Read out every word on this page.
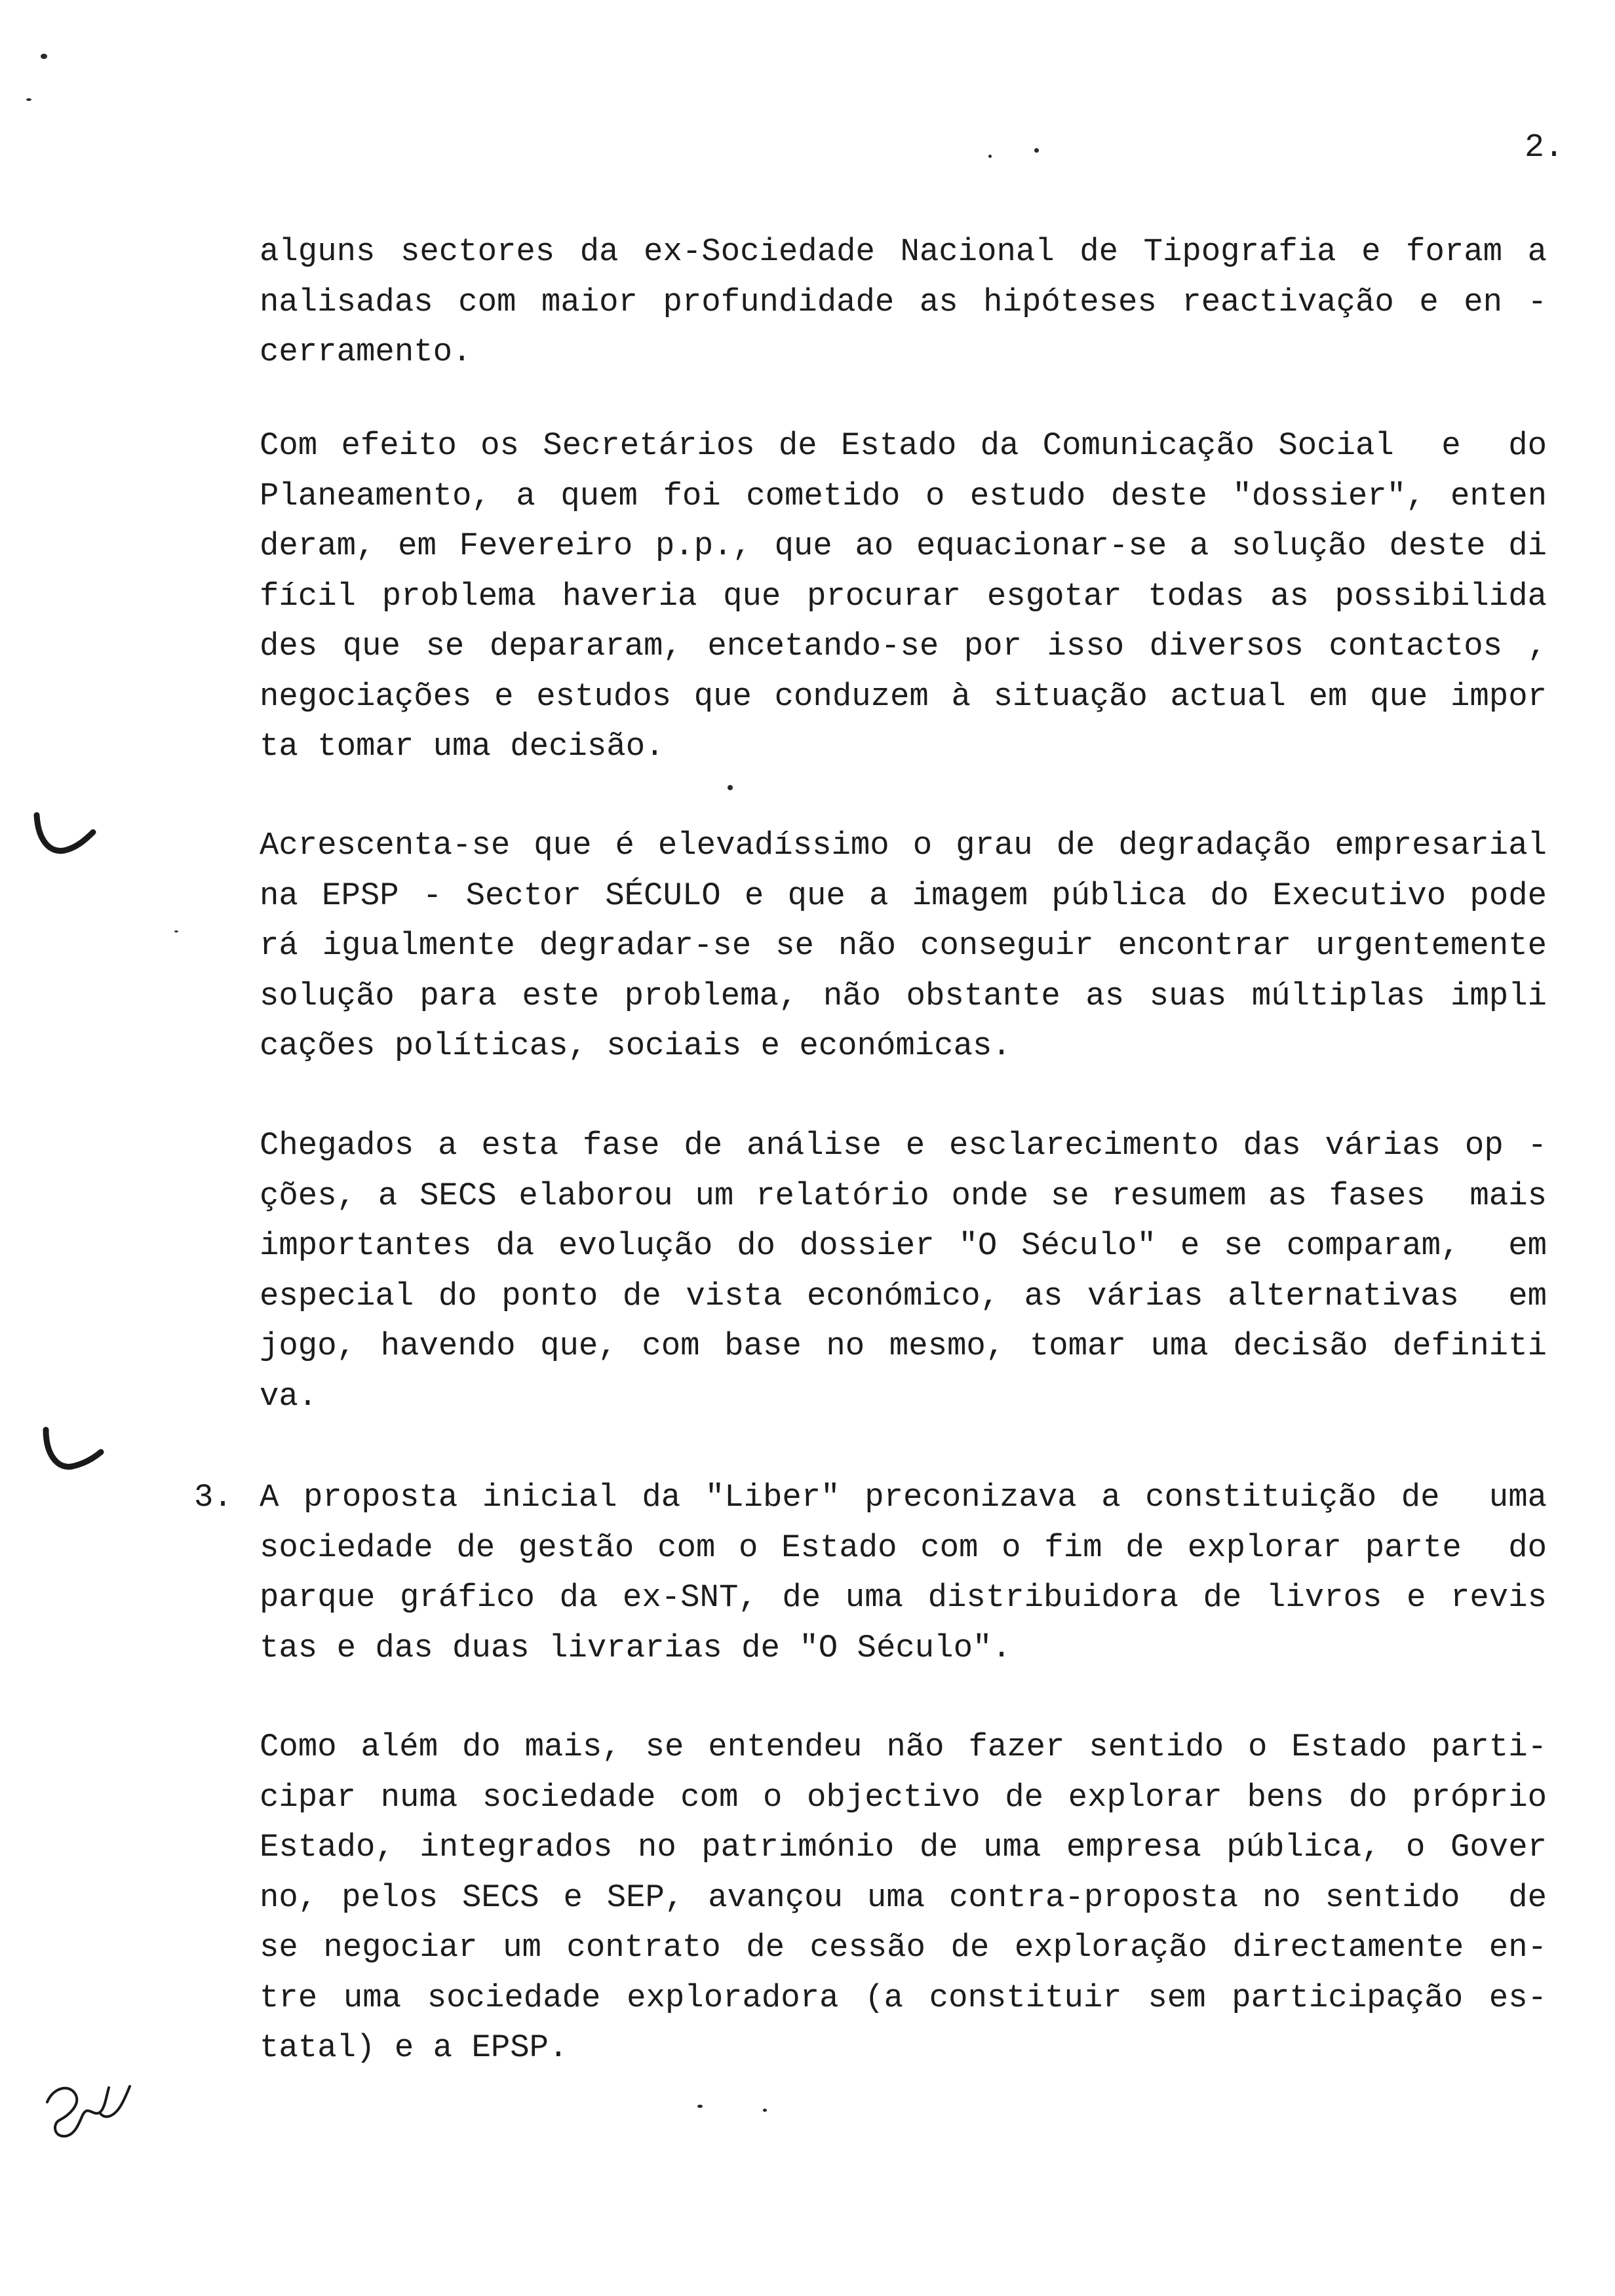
2.
alguns sectores da ex-Sociedade Nacional de Tipografia e foram a
nalisadas com maior profundidade as hipóteses reactivação e en -
cerramento.
Com efeito os Secretários de Estado da Comunicação Social  e  do
Planeamento, a quem foi cometido o estudo deste "dossier", enten
deram, em Fevereiro p.p., que ao equacionar-se a solução deste di
fícil problema haveria que procurar esgotar todas as possibilida
des que se depararam, encetando-se por isso diversos contactos ,
negociações e estudos que conduzem à situação actual em que impor
ta tomar uma decisão.
Acrescenta-se que é elevadíssimo o grau de degradação empresarial
na EPSP - Sector SÉCULO e que a imagem pública do Executivo pode
rá igualmente degradar-se se não conseguir encontrar urgentemente
solução para este problema, não obstante as suas múltiplas impli
cações políticas, sociais e económicas.
Chegados a esta fase de análise e esclarecimento das várias op -
ções, a SECS elaborou um relatório onde se resumem as fases  mais
importantes da evolução do dossier "O Século" e se comparam,  em
especial do ponto de vista económico, as várias alternativas  em
jogo, havendo que, com base no mesmo, tomar uma decisão definiti
va.
3. A proposta inicial da "Liber" preconizava a constituição de  uma
sociedade de gestão com o Estado com o fim de explorar parte  do
parque gráfico da ex-SNT, de uma distribuidora de livros e revis
tas e das duas livrarias de "O Século".
Como além do mais, se entendeu não fazer sentido o Estado parti-
cipar numa sociedade com o objectivo de explorar bens do próprio
Estado, integrados no património de uma empresa pública, o Gover
no, pelos SECS e SEP, avançou uma contra-proposta no sentido  de
se negociar um contrato de cessão de exploração directamente en-
tre uma sociedade exploradora (a constituir sem participação es-
tatal) e a EPSP.
